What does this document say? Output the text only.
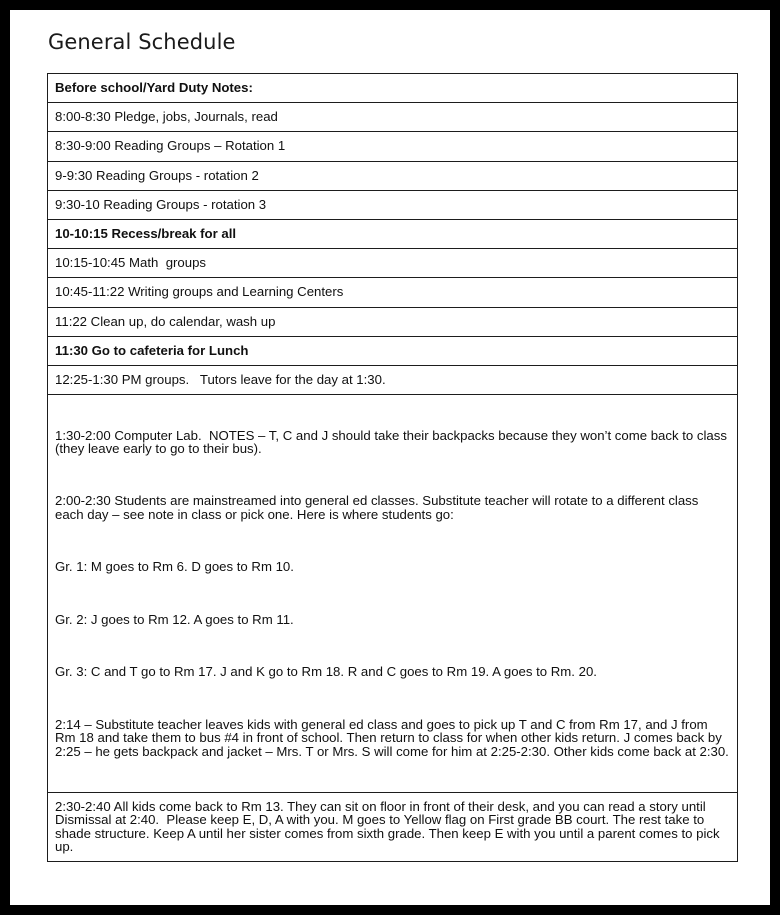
General Schedule
Before school/Yard Duty Notes:
8:00-8:30 Pledge, jobs, Journals, read
8:30-9:00 Reading Groups – Rotation 1
9-9:30 Reading Groups - rotation 2
9:30-10 Reading Groups - rotation 3
10-10:15 Recess/break for all
10:15-10:45 Math  groups
10:45-11:22 Writing groups and Learning Centers
11:22 Clean up, do calendar, wash up
11:30 Go to cafeteria for Lunch
12:25-1:30 PM groups.   Tutors leave for the day at 1:30.

1:30-2:00 Computer Lab.  NOTES – T, C and J should take their backpacks because they won’t come back to class (they leave early to go to their bus).

2:00-2:30 Students are mainstreamed into general ed classes. Substitute teacher will rotate to a different class each day – see note in class or pick one. Here is where students go:

Gr. 1: M goes to Rm 6. D goes to Rm 10.

Gr. 2: J goes to Rm 12. A goes to Rm 11.

Gr. 3: C and T go to Rm 17. J and K go to Rm 18. R and C goes to Rm 19. A goes to Rm. 20.

2:14 – Substitute teacher leaves kids with general ed class and goes to pick up T and C from Rm 17, and J from Rm 18 and take them to bus #4 in front of school. Then return to class for when other kids return. J comes back by 2:25 – he gets backpack and jacket – Mrs. T or Mrs. S will come for him at 2:25-2:30. Other kids come back at 2:30.

2:30-2:40 All kids come back to Rm 13. They can sit on floor in front of their desk, and you can read a story until Dismissal at 2:40.  Please keep E, D, A with you. M goes to Yellow flag on First grade BB court. The rest take to shade structure. Keep A until her sister comes from sixth grade. Then keep E with you until a parent comes to pick up.
